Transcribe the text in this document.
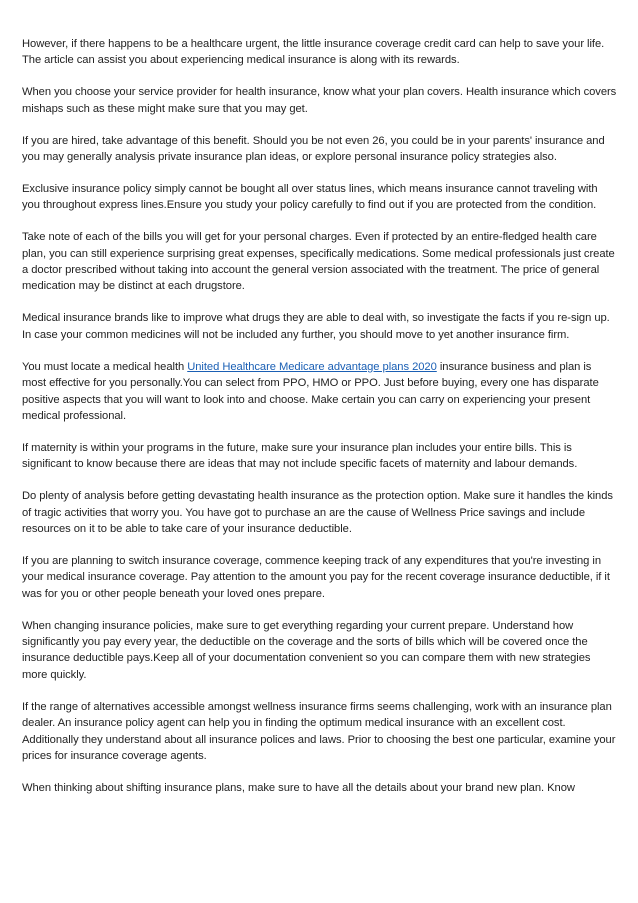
However, if there happens to be a healthcare urgent, the little insurance coverage credit card can help to save your life. The article can assist you about experiencing medical insurance is along with its rewards.

When you choose your service provider for health insurance, know what your plan covers. Health insurance which covers mishaps such as these might make sure that you may get.

If you are hired, take advantage of this benefit. Should you be not even 26, you could be in your parents' insurance and you may generally analysis private insurance plan ideas, or explore personal insurance policy strategies also.

Exclusive insurance policy simply cannot be bought all over status lines, which means insurance cannot traveling with you throughout express lines.Ensure you study your policy carefully to find out if you are protected from the condition.

Take note of each of the bills you will get for your personal charges. Even if protected by an entire-fledged health care plan, you can still experience surprising great expenses, specifically medications. Some medical professionals just create a doctor prescribed without taking into account the general version associated with the treatment. The price of general medication may be distinct at each drugstore.

Medical insurance brands like to improve what drugs they are able to deal with, so investigate the facts if you re-sign up. In case your common medicines will not be included any further, you should move to yet another insurance firm.

You must locate a medical health United Healthcare Medicare advantage plans 2020 insurance business and plan is most effective for you personally.You can select from PPO, HMO or PPO. Just before buying, every one has disparate positive aspects that you will want to look into and choose. Make certain you can carry on experiencing your present medical professional.

If maternity is within your programs in the future, make sure your insurance plan includes your entire bills. This is significant to know because there are ideas that may not include specific facets of maternity and labour demands.

Do plenty of analysis before getting devastating health insurance as the protection option. Make sure it handles the kinds of tragic activities that worry you. You have got to purchase an are the cause of Wellness Price savings and include resources on it to be able to take care of your insurance deductible.

If you are planning to switch insurance coverage, commence keeping track of any expenditures that you're investing in your medical insurance coverage. Pay attention to the amount you pay for the recent coverage insurance deductible, if it was for you or other people beneath your loved ones prepare.

When changing insurance policies, make sure to get everything regarding your current prepare. Understand how significantly you pay every year, the deductible on the coverage and the sorts of bills which will be covered once the insurance deductible pays.Keep all of your documentation convenient so you can compare them with new strategies more quickly.

If the range of alternatives accessible amongst wellness insurance firms seems challenging, work with an insurance plan dealer. An insurance policy agent can help you in finding the optimum medical insurance with an excellent cost. Additionally they understand about all insurance polices and laws. Prior to choosing the best one particular, examine your prices for insurance coverage agents.

When thinking about shifting insurance plans, make sure to have all the details about your brand new plan. Know
